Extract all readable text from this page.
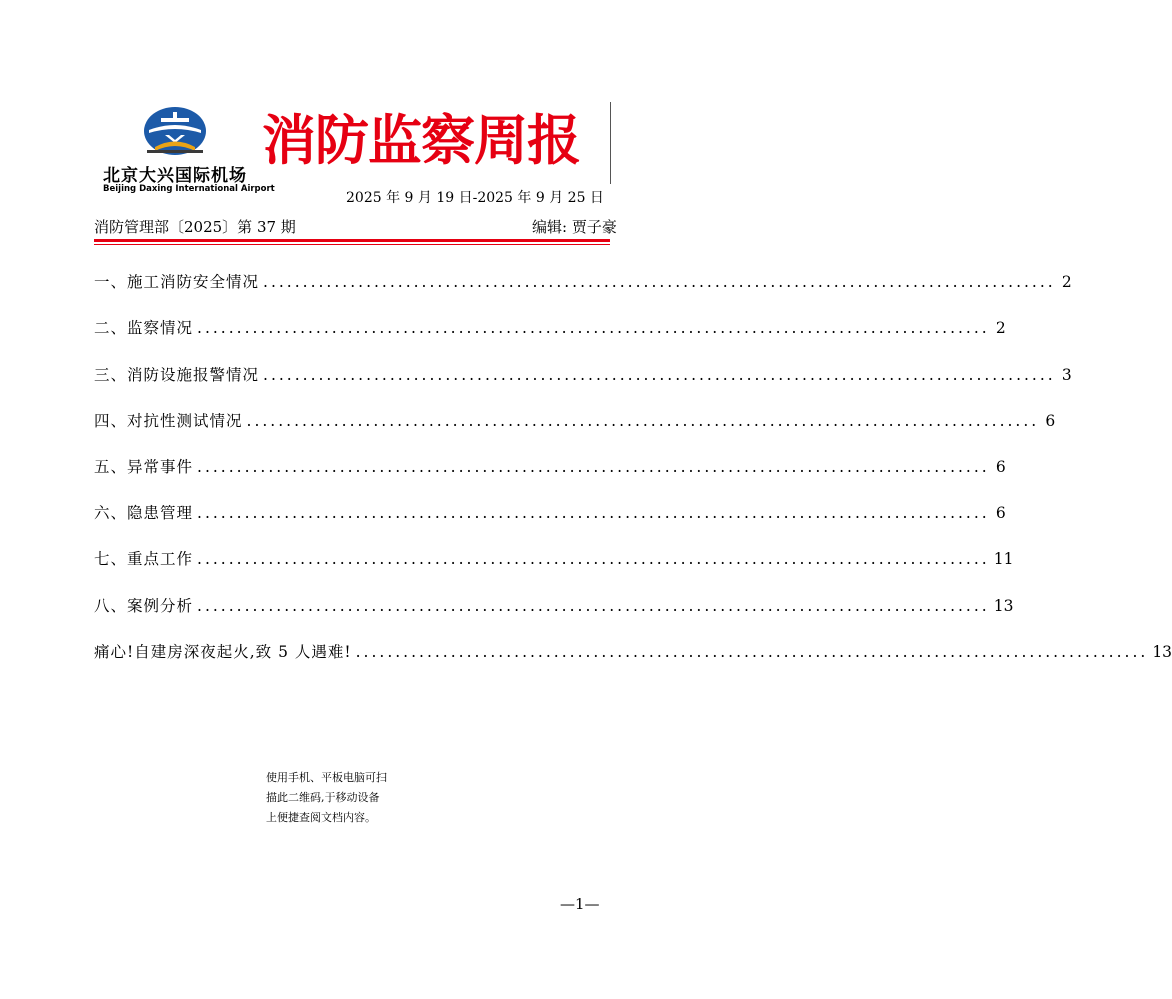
北京大兴国际机场
Beijing Daxing International Airport
消防监察周报
2025 年 9 月 19 日-2025 年 9 月 25 日
消防管理部〔2025〕第 37 期	编辑: 贾子豪
一、施工消防安全情况 .................................................................................................... 2
二、监察情况 .................................................................................................... 2
三、消防设施报警情况 .................................................................................................... 3
四、对抗性测试情况 .................................................................................................... 6
五、异常事件 .................................................................................................... 6
六、隐患管理 .................................................................................................... 6
七、重点工作 .................................................................................................... 11
八、案例分析 .................................................................................................... 13
痛心!自建房深夜起火,致 5 人遇难! .................................................................................................... 13
使用手机、平板电脑可扫
描此二维码,于移动设备
上便捷查阅文档内容。
—1—
